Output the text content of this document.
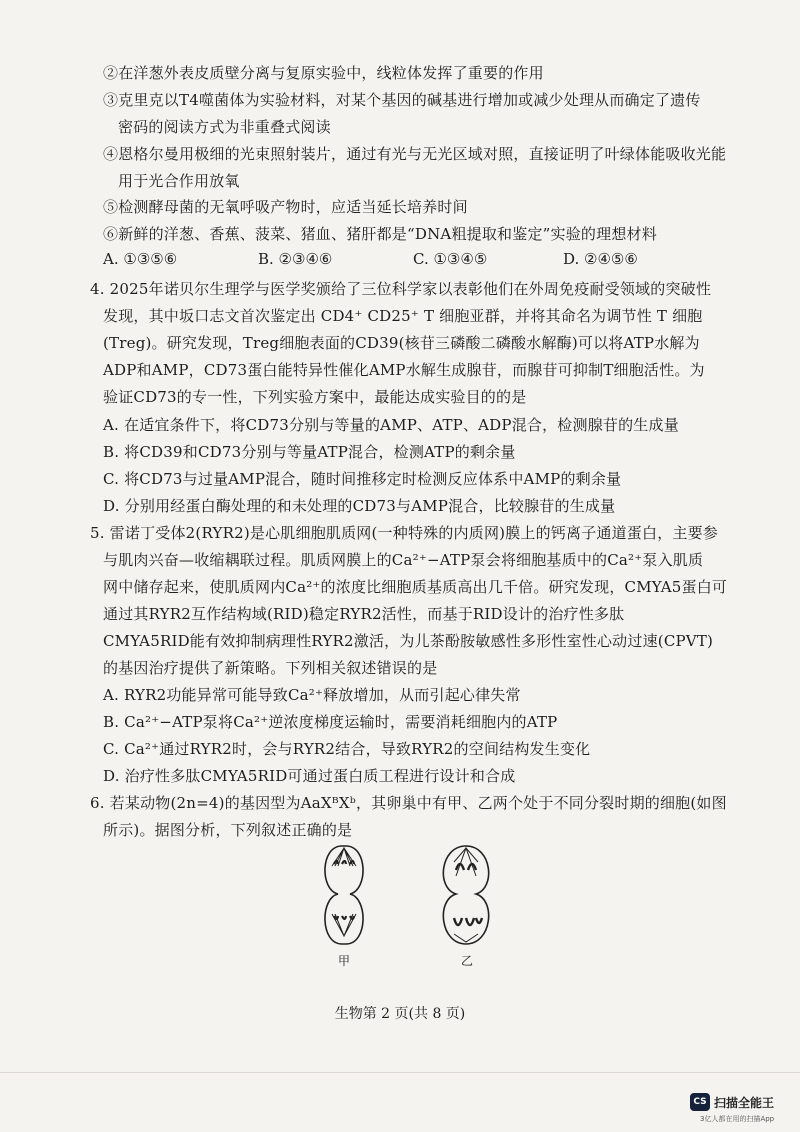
②在洋葱外表皮质壁分离与复原实验中，线粒体发挥了重要的作用
③克里克以T4噬菌体为实验材料，对某个基因的碱基进行增加或减少处理从而确定了遗传
密码的阅读方式为非重叠式阅读
④恩格尔曼用极细的光束照射装片，通过有光与无光区域对照，直接证明了叶绿体能吸收光能
用于光合作用放氧
⑤检测酵母菌的无氧呼吸产物时，应适当延长培养时间
⑥新鲜的洋葱、香蕉、菠菜、猪血、猪肝都是“DNA粗提取和鉴定”实验的理想材料
A. ①③⑤⑥	B. ②③④⑥	C. ①③④⑤	D. ②④⑤⑥
4. 2025年诺贝尔生理学与医学奖颁给了三位科学家以表彰他们在外周免疫耐受领域的突破性
发现，其中坂口志文首次鉴定出 CD4⁺ CD25⁺ T 细胞亚群，并将其命名为调节性 T 细胞
(Treg)。研究发现，Treg细胞表面的CD39(核苷三磷酸二磷酸水解酶)可以将ATP水解为
ADP和AMP，CD73蛋白能特异性催化AMP水解生成腺苷，而腺苷可抑制T细胞活性。为
验证CD73的专一性，下列实验方案中，最能达成实验目的的是
A. 在适宜条件下，将CD73分别与等量的AMP、ATP、ADP混合，检测腺苷的生成量
B. 将CD39和CD73分别与等量ATP混合，检测ATP的剩余量
C. 将CD73与过量AMP混合，随时间推移定时检测反应体系中AMP的剩余量
D. 分别用经蛋白酶处理的和未处理的CD73与AMP混合，比较腺苷的生成量
5. 雷诺丁受体2(RYR2)是心肌细胞肌质网(一种特殊的内质网)膜上的钙离子通道蛋白，主要参
与肌肉兴奋—收缩耦联过程。肌质网膜上的Ca²⁺−ATP泵会将细胞基质中的Ca²⁺泵入肌质
网中储存起来，使肌质网内Ca²⁺的浓度比细胞质基质高出几千倍。研究发现，CMYA5蛋白可
通过其RYR2互作结构域(RID)稳定RYR2活性，而基于RID设计的治疗性多肽
CMYA5RID能有效抑制病理性RYR2激活，为儿茶酚胺敏感性多形性室性心动过速(CPVT)
的基因治疗提供了新策略。下列相关叙述错误的是
A. RYR2功能异常可能导致Ca²⁺释放增加，从而引起心律失常
B. Ca²⁺−ATP泵将Ca²⁺逆浓度梯度运输时，需要消耗细胞内的ATP
C. Ca²⁺通过RYR2时，会与RYR2结合，导致RYR2的空间结构发生变化
D. 治疗性多肽CMYA5RID可通过蛋白质工程进行设计和合成
6. 若某动物(2n=4)的基因型为AaXᴮXᵇ，其卵巢中有甲、乙两个处于不同分裂时期的细胞(如图
所示)。据图分析，下列叙述正确的是
甲	乙
生物第 2 页(共 8 页)
CS 扫描全能王
3亿人都在用的扫描App
